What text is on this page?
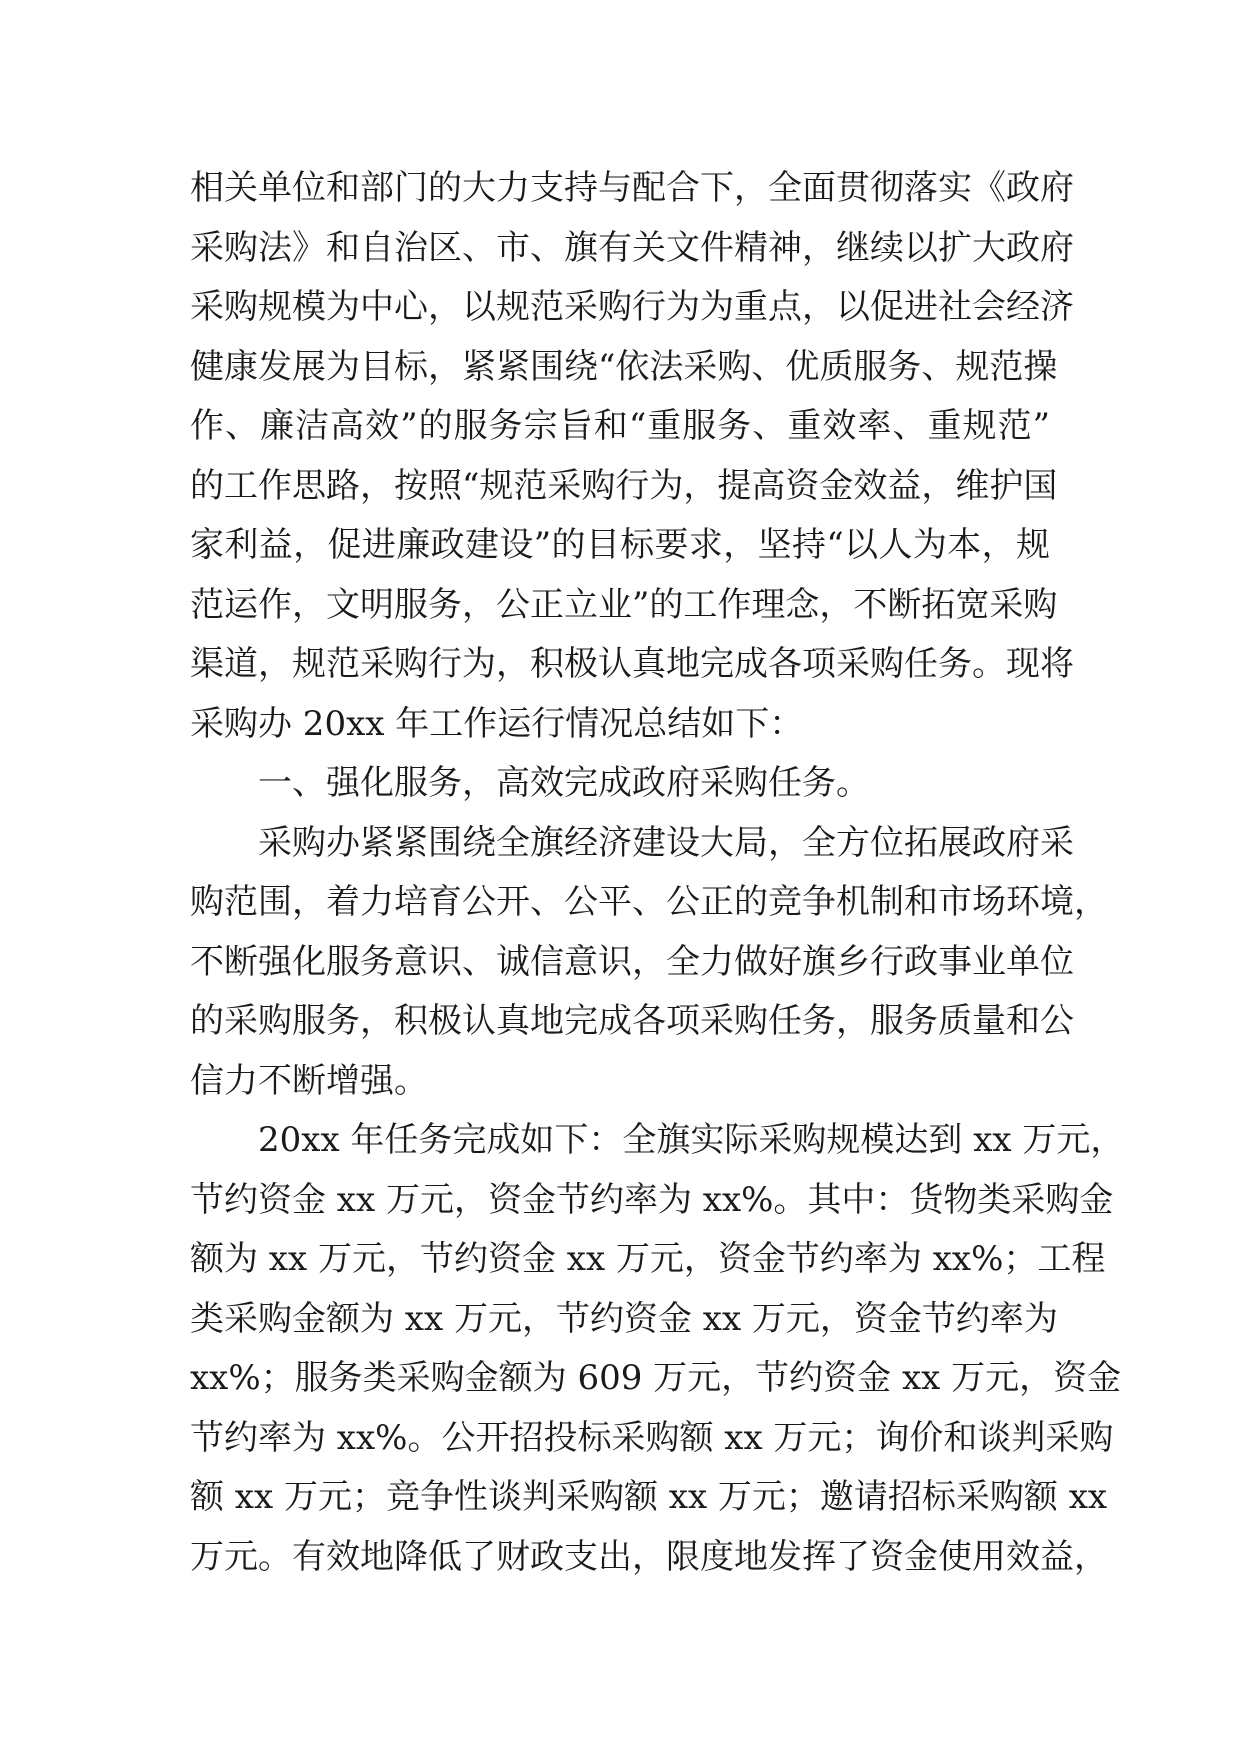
相关单位和部门的大力支持与配合下，全面贯彻落实《政府
采购法》和自治区、市、旗有关文件精神，继续以扩大政府
采购规模为中心，以规范采购行为为重点，以促进社会经济
健康发展为目标，紧紧围绕“依法采购、优质服务、规范操
作、廉洁高效”的服务宗旨和“重服务、重效率、重规范”
的工作思路，按照“规范采购行为，提高资金效益，维护国
家利益，促进廉政建设”的目标要求，坚持“以人为本，规
范运作，文明服务，公正立业”的工作理念，不断拓宽采购
渠道，规范采购行为，积极认真地完成各项采购任务。现将
采购办 20xx 年工作运行情况总结如下：
一、强化服务，高效完成政府采购任务。
采购办紧紧围绕全旗经济建设大局，全方位拓展政府采
购范围，着力培育公开、公平、公正的竞争机制和市场环境，
不断强化服务意识、诚信意识，全力做好旗乡行政事业单位
的采购服务，积极认真地完成各项采购任务，服务质量和公
信力不断增强。
20xx 年任务完成如下：全旗实际采购规模达到 xx 万元，
节约资金 xx 万元，资金节约率为 xx%。其中：货物类采购金
额为 xx 万元，节约资金 xx 万元，资金节约率为 xx%；工程
类采购金额为 xx 万元，节约资金 xx 万元，资金节约率为
xx%；服务类采购金额为 609 万元，节约资金 xx 万元，资金
节约率为 xx%。公开招投标采购额 xx 万元；询价和谈判采购
额 xx 万元；竞争性谈判采购额 xx 万元；邀请招标采购额 xx
万元。有效地降低了财政支出，限度地发挥了资金使用效益，
